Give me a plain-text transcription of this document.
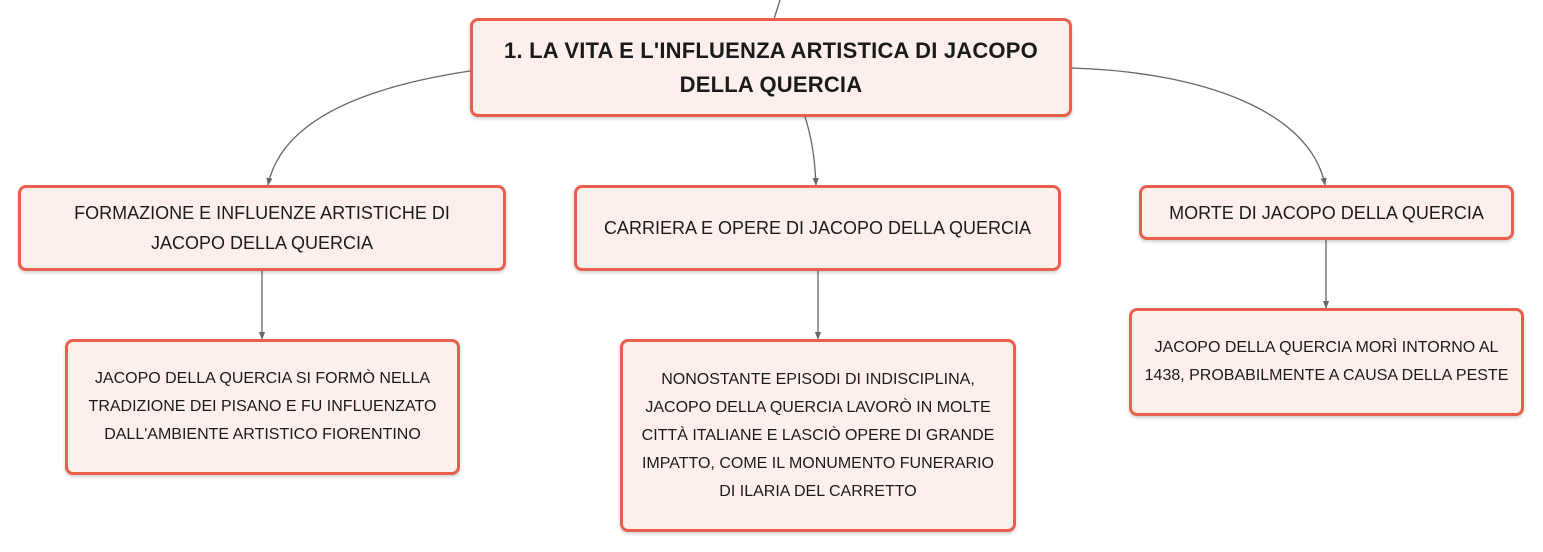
1. LA VITA E L'INFLUENZA ARTISTICA DI JACOPO DELLA QUERCIA
FORMAZIONE E INFLUENZE ARTISTICHE DI JACOPO DELLA QUERCIA
CARRIERA E OPERE DI JACOPO DELLA QUERCIA
MORTE DI JACOPO DELLA QUERCIA
JACOPO DELLA QUERCIA SI FORMÒ NELLA TRADIZIONE DEI PISANO E FU INFLUENZATO DALL'AMBIENTE ARTISTICO FIORENTINO
NONOSTANTE EPISODI DI INDISCIPLINA, JACOPO DELLA QUERCIA LAVORÒ IN MOLTE CITTÀ ITALIANE E LASCIÒ OPERE DI GRANDE IMPATTO, COME IL MONUMENTO FUNERARIO DI ILARIA DEL CARRETTO
JACOPO DELLA QUERCIA MORÌ INTORNO AL 1438, PROBABILMENTE A CAUSA DELLA PESTE
